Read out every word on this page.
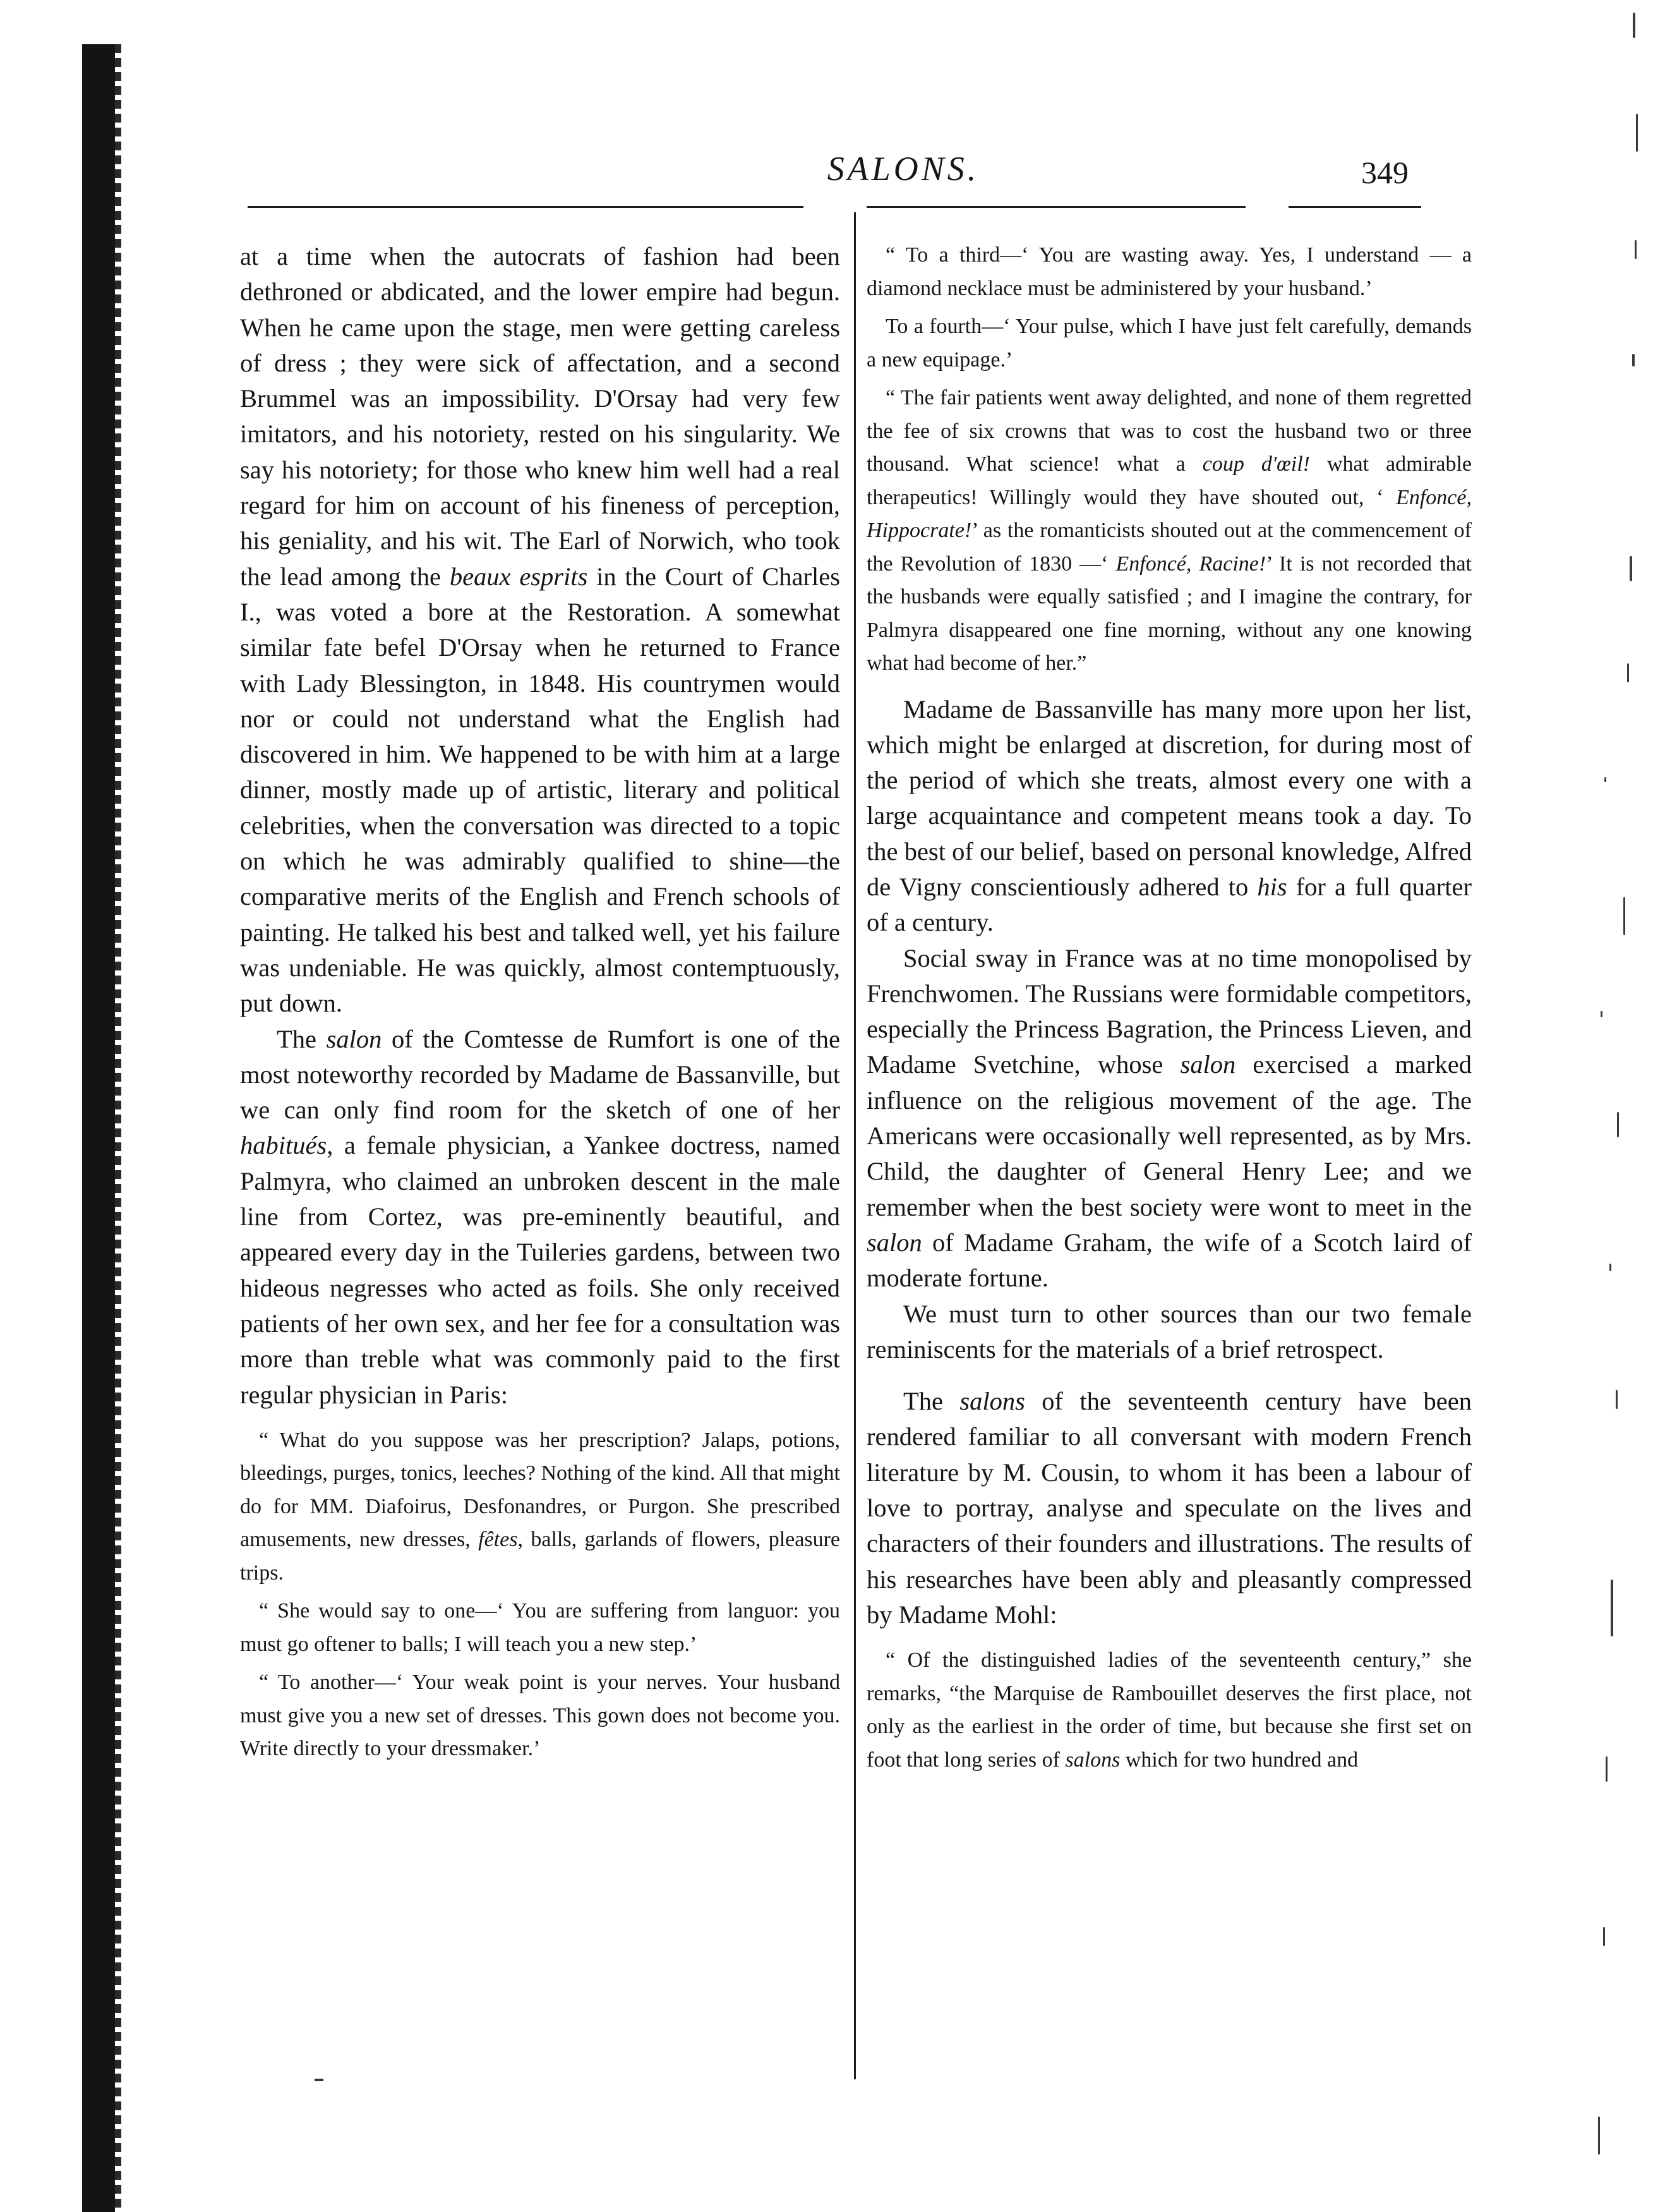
SALONS.	349

at a time when the autocrats of fashion had been dethroned or abdicated, and the lower empire had begun. When he came upon the stage, men were getting careless of dress ; they were sick of affectation, and a second Brummel was an impossibility. D'Orsay had very few imitators, and his notoriety, rested on his singularity. We say his notoriety; for those who knew him well had a real regard for him on account of his fineness of perception, his geniality, and his wit. The Earl of Norwich, who took the lead among the beaux esprits in the Court of Charles I., was voted a bore at the Restoration. A somewhat similar fate befel D'Orsay when he returned to France with Lady Blessington, in 1848. His countrymen would nor or could not understand what the English had discovered in him. We happened to be with him at a large dinner, mostly made up of artistic, literary and political celebrities, when the conversation was directed to a topic on which he was admirably qualified to shine—the comparative merits of the English and French schools of painting. He talked his best and talked well, yet his failure was undeniable. He was quickly, almost contemptuously, put down.

The salon of the Comtesse de Rumfort is one of the most noteworthy recorded by Madame de Bassanville, but we can only find room for the sketch of one of her habitués, a female physician, a Yankee doctress, named Palmyra, who claimed an unbroken descent in the male line from Cortez, was pre-eminently beautiful, and appeared every day in the Tuileries gardens, between two hideous negresses who acted as foils. She only received patients of her own sex, and her fee for a consultation was more than treble what was commonly paid to the first regular physician in Paris:

“ What do you suppose was her prescription? Jalaps, potions, bleedings, purges, tonics, leeches? Nothing of the kind. All that might do for MM. Diafoirus, Desfonandres, or Purgon. She prescribed amusements, new dresses, fêtes, balls, garlands of flowers, pleasure trips.

“ She would say to one—‘ You are suffering from languor: you must go oftener to balls; I will teach you a new step.’

“ To another—‘ Your weak point is your nerves. Your husband must give you a new set of dresses. This gown does not become you. Write directly to your dressmaker.’

“ To a third—‘ You are wasting away. Yes, I understand — a diamond necklace must be administered by your husband.’

To a fourth—‘ Your pulse, which I have just felt carefully, demands a new equipage.’

“ The fair patients went away delighted, and none of them regretted the fee of six crowns that was to cost the husband two or three thousand. What science! what a coup d'œil! what admirable therapeutics! Willingly would they have shouted out, ‘ Enfoncé, Hippocrate!’ as the romanticists shouted out at the commencement of the Revolution of 1830 —‘ Enfoncé, Racine!’ It is not recorded that the husbands were equally satisfied ; and I imagine the contrary, for Palmyra disappeared one fine morning, without any one knowing what had become of her.”

Madame de Bassanville has many more upon her list, which might be enlarged at discretion, for during most of the period of which she treats, almost every one with a large acquaintance and competent means took a day. To the best of our belief, based on personal knowledge, Alfred de Vigny conscientiously adhered to his for a full quarter of a century.

Social sway in France was at no time monopolised by Frenchwomen. The Russians were formidable competitors, especially the Princess Bagration, the Princess Lieven, and Madame Svetchine, whose salon exercised a marked influence on the religious movement of the age. The Americans were occasionally well represented, as by Mrs. Child, the daughter of General Henry Lee; and we remember when the best society were wont to meet in the salon of Madame Graham, the wife of a Scotch laird of moderate fortune.

We must turn to other sources than our two female reminiscents for the materials of a brief retrospect.

The salons of the seventeenth century have been rendered familiar to all conversant with modern French literature by M. Cousin, to whom it has been a labour of love to portray, analyse and speculate on the lives and characters of their founders and illustrations. The results of his researches have been ably and pleasantly compressed by Madame Mohl:

“ Of the distinguished ladies of the seventeenth century,” she remarks, “the Marquise de Rambouillet deserves the first place, not only as the earliest in the order of time, but because she first set on foot that long series of salons which for two hundred and
